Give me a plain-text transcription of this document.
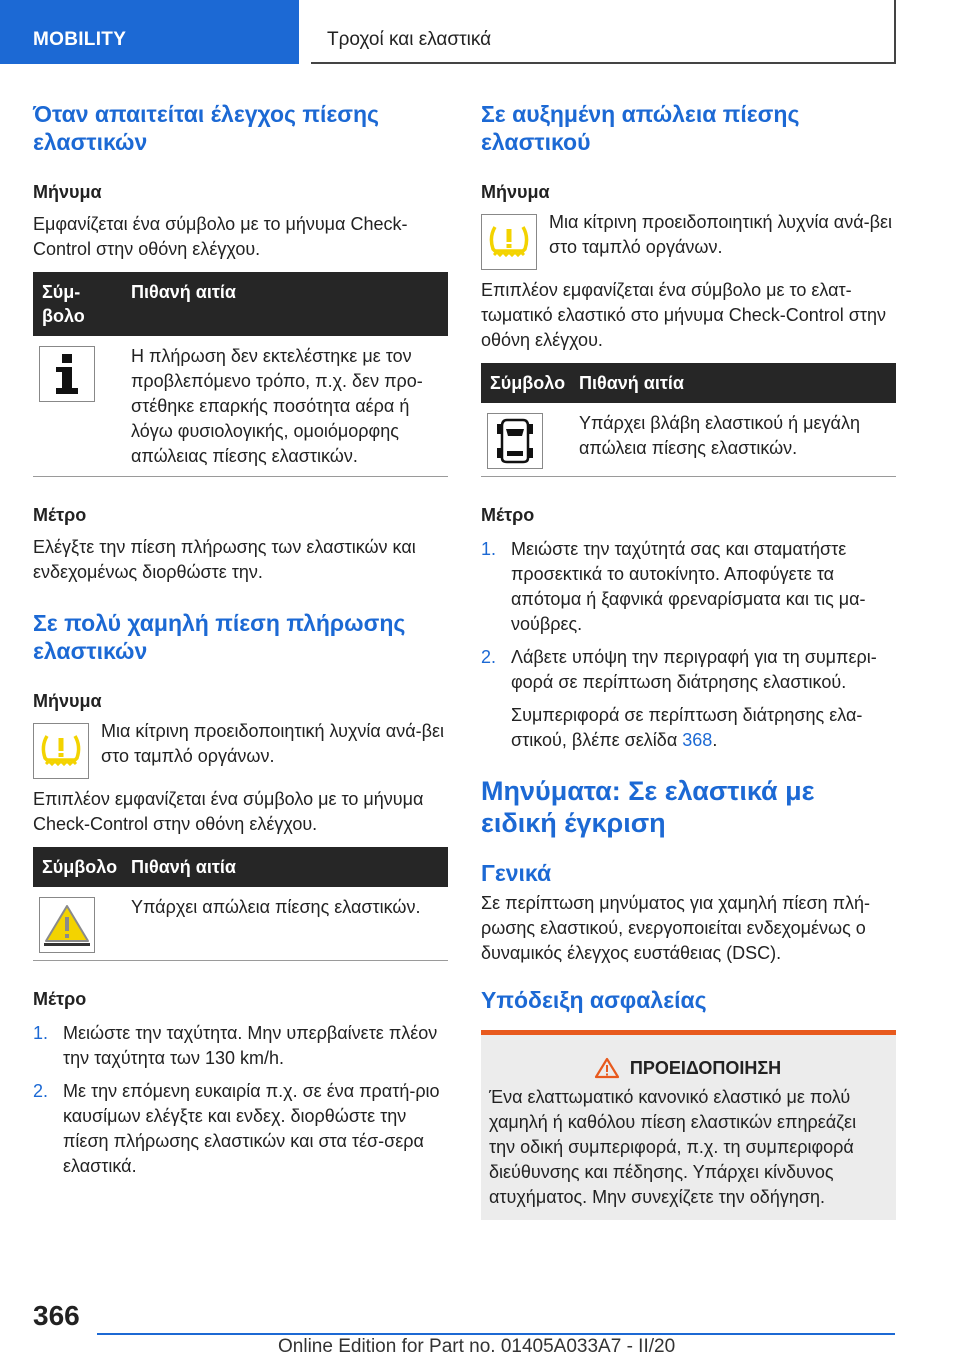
MOBILITY	Τροχοί και ελαστικά
Όταν απαιτείται έλεγχος πίεσης ελαστικών
Μήνυμα

Εμφανίζεται ένα σύμβολο με το μήνυμα Check-Control στην οθόνη ελέγχου.

Σύμ-
βολο
Πιθανή αιτία
Η πλήρωση δεν εκτελέστηκε με τον προβλεπόμενο τρόπο, π.χ. δεν προ-στέθηκε επαρκής ποσότητα αέρα ή λόγω φυσιολογικής, ομοιόμορφης απώλειας πίεσης ελαστικών.
Μέτρο

Ελέγξτε την πίεση πλήρωσης των ελαστικών και ενδεχομένως διορθώστε την.

Σε πολύ χαμηλή πίεση πλήρωσης ελαστικών
Μήνυμα

Μια κίτρινη προειδοποιητική λυχνία ανά-βει στο ταμπλό οργάνων.

Επιπλέον εμφανίζεται ένα σύμβολο με το μήνυμα Check-Control στην οθόνη ελέγχου.

Σύμβολο Πιθανή αιτία
Υπάρχει απώλεια πίεσης ελαστικών.
Μέτρο
1. Μειώστε την ταχύτητα. Μην υπερβαίνετε πλέον την ταχύτητα των 130 km/h.
2. Με την επόμενη ευκαιρία π.χ. σε ένα πρατή-ριο καυσίμων ελέγξτε και ενδεχ. διορθώστε την πίεση πλήρωσης ελαστικών και στα τέσ-σερα ελαστικά.
Σε αυξημένη απώλεια πίεσης ελαστικού
Μήνυμα

Μια κίτρινη προειδοποιητική λυχνία ανά-βει στο ταμπλό οργάνων.

Επιπλέον εμφανίζεται ένα σύμβολο με το ελατ-τωματικό ελαστικό στο μήνυμα Check-Control στην οθόνη ελέγχου.

Σύμβολο Πιθανή αιτία
Υπάρχει βλάβη ελαστικού ή μεγάλη απώλεια πίεσης ελαστικών.
Μέτρο
1. Μειώστε την ταχύτητά σας και σταματήστε προσεκτικά το αυτοκίνητο. Αποφύγετε τα απότομα ή ξαφνικά φρεναρίσματα και τις μα-νούβρες.
2. Λάβετε υπόψη την περιγραφή για τη συμπερι-φορά σε περίπτωση διάτρησης ελαστικού.

Συμπεριφορά σε περίπτωση διάτρησης ελα-στικού, βλέπε σελίδα 368.

Μηνύματα: Σε ελαστικά με ειδική έγκριση
Γενικά

Σε περίπτωση μηνύματος για χαμηλή πίεση πλή-ρωσης ελαστικού, ενεργοποιείται ενδεχομένως ο δυναμικός έλεγχος ευστάθειας (DSC).

Υπόδειξη ασφαλείας
ΠΡΟΕΙΔΟΠΟΙΗΣΗ

Ένα ελαττωματικό κανονικό ελαστικό με πολύ χαμηλή ή καθόλου πίεση ελαστικών επηρεάζει την οδική συμπεριφορά, π.χ. τη συμπεριφορά διεύθυνσης και πέδησης. Υπάρχει κίνδυνος ατυχήματος. Μην συνεχίζετε την οδήγηση.

366
Online Edition for Part no. 01405A033A7 - II/20
